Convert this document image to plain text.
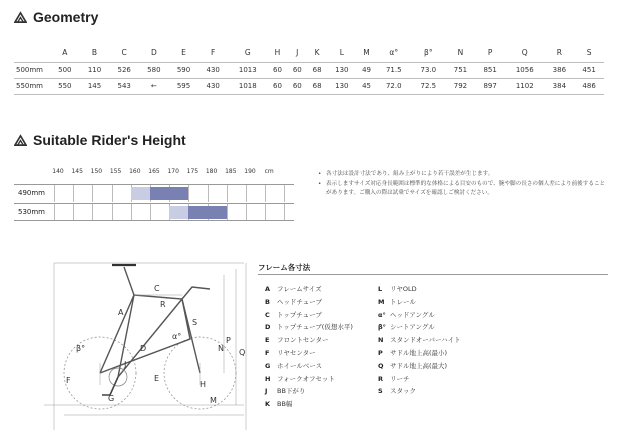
Geometry
	A	B	C	D	E	F	G	H	J	K	L	M	α°	β°	N	P	Q	R	S
500mm	500	110	526	580	590	430	1013	60	60	68	130	49	71.5	73.0	751	851	1056	386	451
550mm	550	145	543	←	595	430	1018	60	60	68	130	45	72.0	72.5	792	897	1102	384	486
Suitable Rider's Height
140 145 150 155 160 165 170 175 180 185 190 cm
490mm
530mm
• 各寸法は設計寸法であり、組み上がりにより若干誤差が生じます。
• 表示しますサイズ対応身長範囲は標準的な体格による目安のもので、腕や脚の長さの個人差により前後することがあります。ご購入の際は試乗でサイズを確認しご検討ください。
A
C
R
S
α°
β°	D
J
F	E
H
G	M
N
P
Q
フレーム各寸法
A フレームサイズ
B ヘッドチューブ
C トップチューブ
D トップチューブ(仮想水平)
E フロントセンター
F リヤセンター
G ホイールベース
H フォークオフセット
J BB下がり
K BB幅
L リヤOLD
M トレール
α° ヘッドアングル
β° シートアングル
N スタンドオーバーハイト
P サドル地上高(最小)
Q サドル地上高(最大)
R リーチ
S スタック
